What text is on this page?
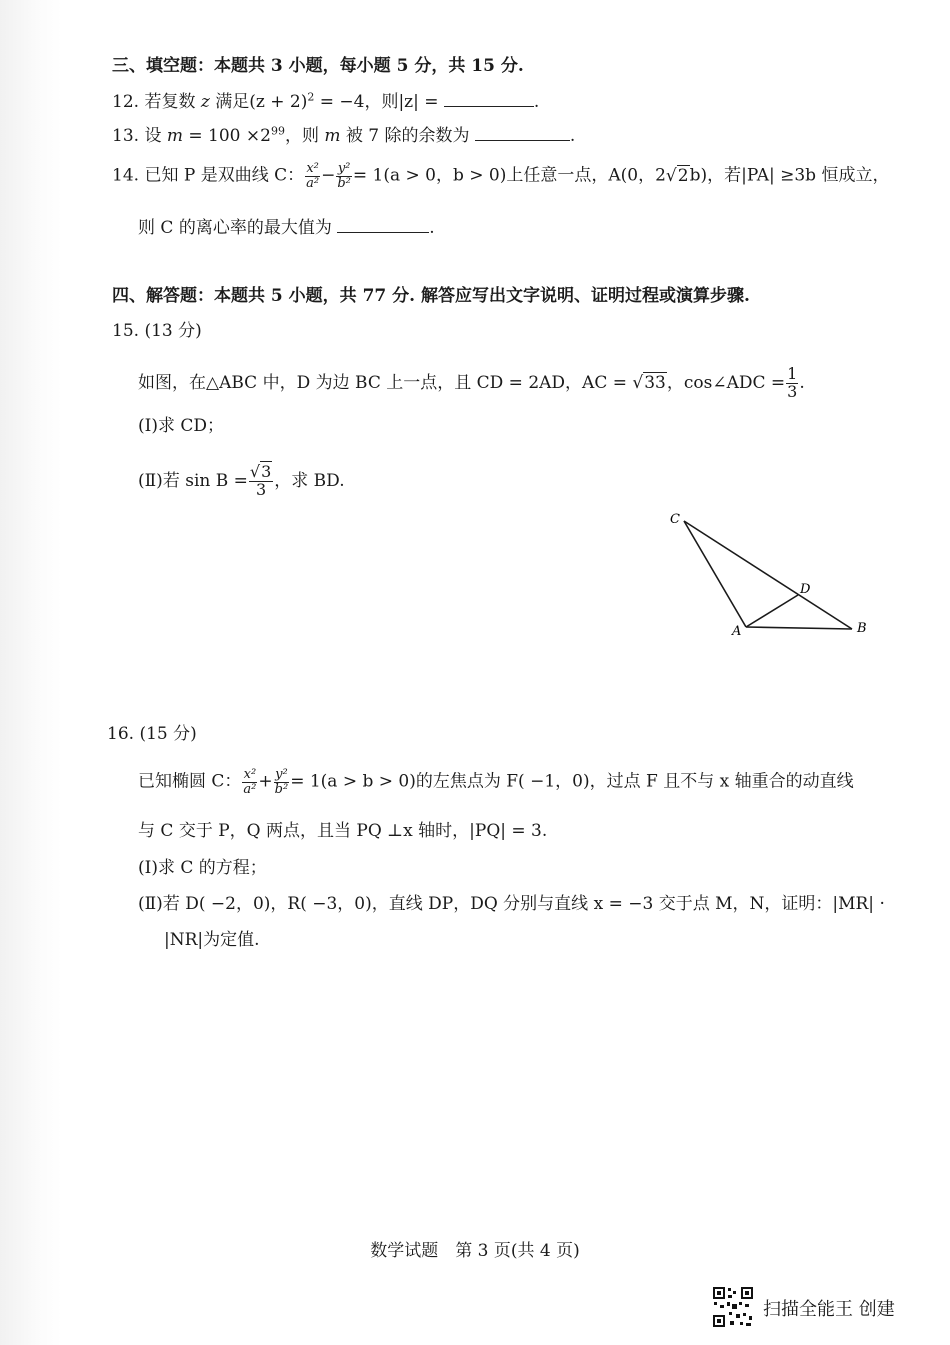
三、填空题：本题共 3 小题，每小题 5 分，共 15 分.
12. 若复数 z 满足$(z + 2)^2 = -4$，则|z| =	.
13. 设 $m = 100 \times 2^{99}$，则 m 被 7 除的余数为	.
14. 已知 P 是双曲线 C： $\frac{\text{x²}}{\text{a²}} - \frac{\text{y²}}{\text{b²}} = 1(a > 0$，b > 0)上任意一点，A(0，2√2b)，若|PA| ≥3b 恒成立，
则 C 的离心率的最大值为	.
四、解答题：本题共 5 小题，共 77 分. 解答应写出文字说明、证明过程或演算步骤.
15. (13 分)
如图，在△ABC 中，D 为边 BC 上一点，且 CD = 2AD，AC = √33，cos∠ADC = $\frac{1}{3}$ .
(Ⅰ)求 CD；
(Ⅱ)若 $\sin B = \frac{√3}{3}$ ，求 BD.
C
D
A	B
16. (15 分)
已知椭圆 C： $\frac{\text{x²}}{\text{a²}} + \frac{\text{y²}}{\text{b²}} = 1(a > b > 0)$的左焦点为 F( −1，0)，过点 F 且不与 x 轴重合的动直线
与 C 交于 P，Q 两点，且当 PQ ⊥x 轴时，|PQ| = 3.
(Ⅰ)求 C 的方程；
(Ⅱ)若 D( −2，0)，R( −3，0)，直线 DP，DQ 分别与直线 x = −3 交于点 M，N，证明：|MR| ·
|NR|为定值.
数学试题　第 3 页(共 4 页)
扫描全能王 创建
